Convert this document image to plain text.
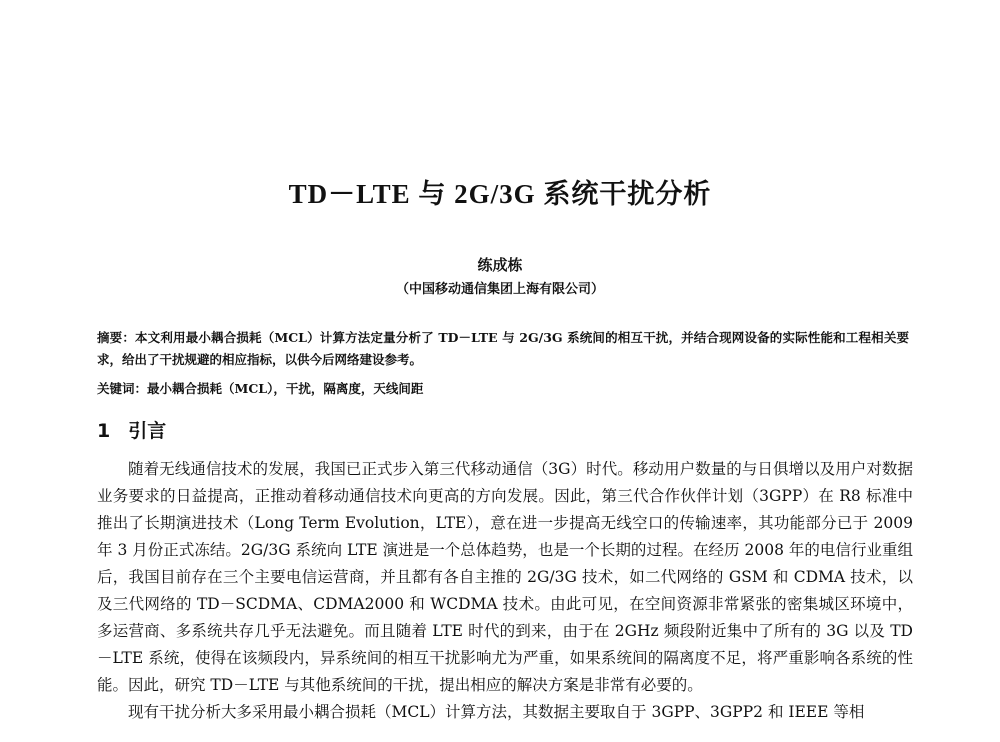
TD－LTE 与 2G/3G 系统干扰分析
练成栋
（中国移动通信集团上海有限公司）
摘要：本文利用最小耦合损耗（MCL）计算方法定量分析了 TD－LTE 与 2G/3G 系统间的相互干扰，并结合现网设备的实际性能和工程相关要求，给出了干扰规避的相应指标，以供今后网络建设参考。
关键词：最小耦合损耗（MCL），干扰，隔离度，天线间距
1 引言

随着无线通信技术的发展，我国已正式步入第三代移动通信（3G）时代。移动用户数量的与日俱增以及用户对数据业务要求的日益提高，正推动着移动通信技术向更高的方向发展。因此，第三代合作伙伴计划（3GPP）在 R8 标准中推出了长期演进技术（Long Term Evolution，LTE），意在进一步提高无线空口的传输速率，其功能部分已于 2009 年 3 月份正式冻结。2G/3G 系统向 LTE 演进是一个总体趋势，也是一个长期的过程。在经历 2008 年的电信行业重组后，我国目前存在三个主要电信运营商，并且都有各自主推的 2G/3G 技术，如二代网络的 GSM 和 CDMA 技术，以及三代网络的 TD－SCDMA、CDMA2000 和 WCDMA 技术。由此可见，在空间资源非常紧张的密集城区环境中，多运营商、多系统共存几乎无法避免。而且随着 LTE 时代的到来，由于在 2GHz 频段附近集中了所有的 3G 以及 TD－LTE 系统，使得在该频段内，异系统间的相互干扰影响尤为严重，如果系统间的隔离度不足，将严重影响各系统的性能。因此，研究 TD－LTE 与其他系统间的干扰，提出相应的解决方案是非常有必要的。

现有干扰分析大多采用最小耦合损耗（MCL）计算方法，其数据主要取自于 3GPP、3GPP2 和 IEEE 等相
